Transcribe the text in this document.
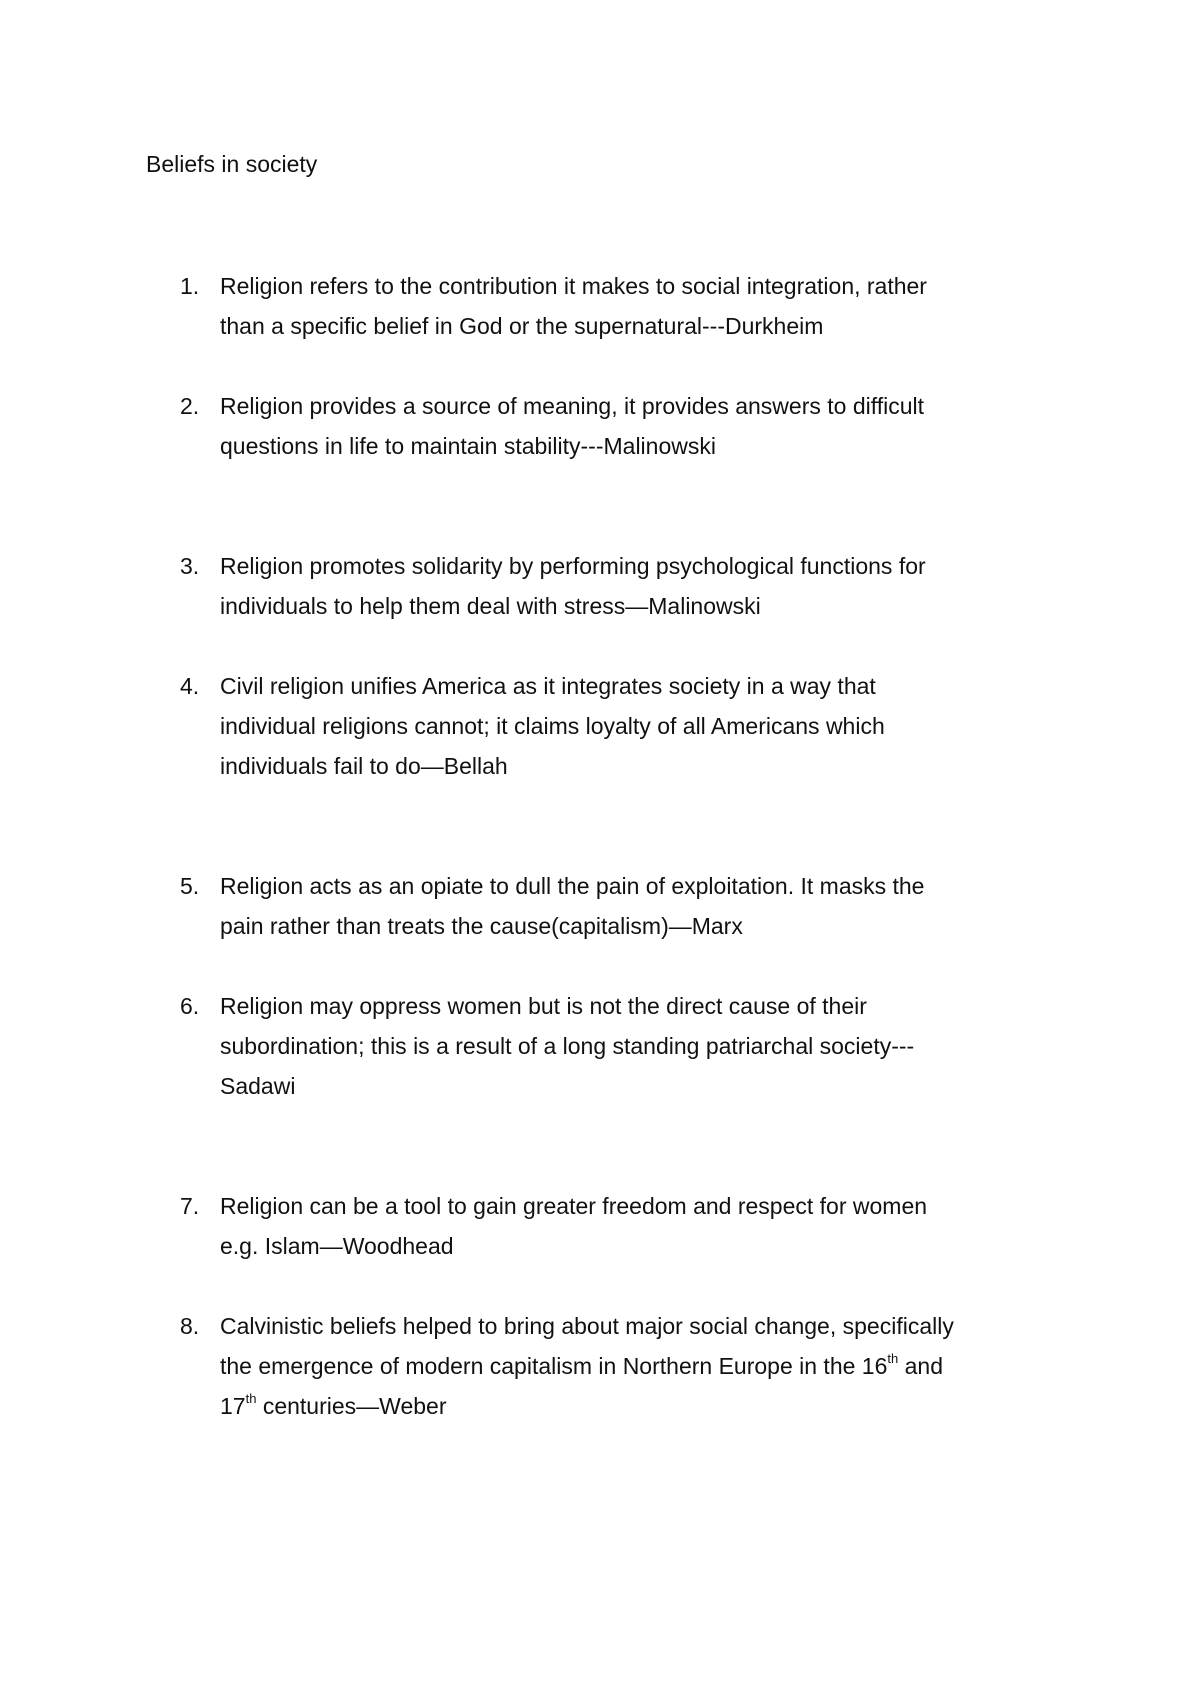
Beliefs in society
1. Religion refers to the contribution it makes to social integration, rather
than a specific belief in God or the supernatural---Durkheim
2. Religion provides a source of meaning, it provides answers to difficult
questions in life to maintain stability---Malinowski
3. Religion promotes solidarity by performing psychological functions for
individuals to help them deal with stress—Malinowski
4. Civil religion unifies America as it integrates society in a way that
individual religions cannot; it claims loyalty of all Americans which
individuals fail to do—Bellah
5. Religion acts as an opiate to dull the pain of exploitation. It masks the
pain rather than treats the cause(capitalism)—Marx
6. Religion may oppress women but is not the direct cause of their
subordination; this is a result of a long standing patriarchal society---
Sadawi
7. Religion can be a tool to gain greater freedom and respect for women
e.g. Islam—Woodhead
8. Calvinistic beliefs helped to bring about major social change, specifically
the emergence of modern capitalism in Northern Europe in the 16th and
17th centuries—Weber
